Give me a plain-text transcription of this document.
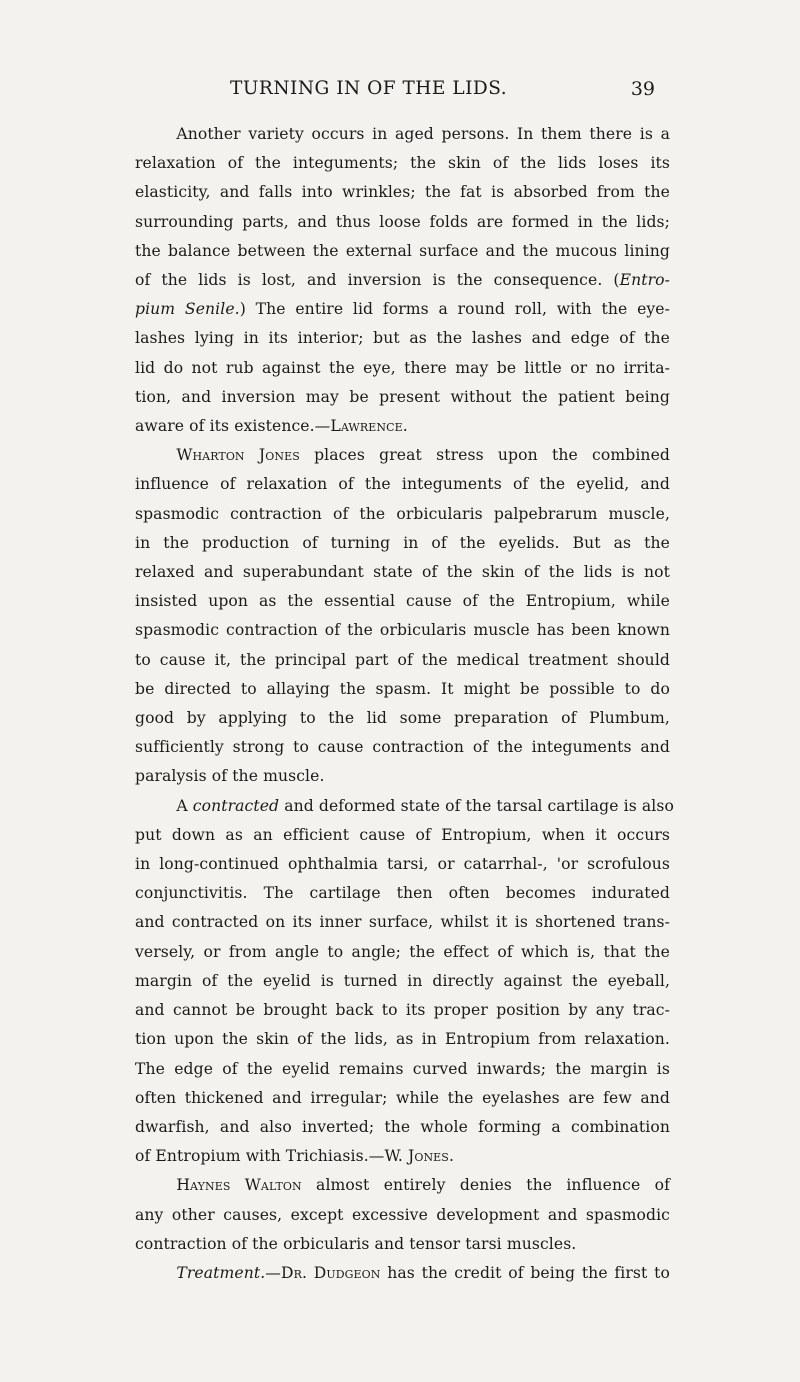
TURNING IN OF THE LIDS.	39
Another variety occurs in aged persons. In them there is a
relaxation of the integuments; the skin of the lids loses its
elasticity, and falls into wrinkles; the fat is absorbed from the
surrounding parts, and thus loose folds are formed in the lids;
the balance between the external surface and the mucous lining
of the lids is lost, and inversion is the consequence. (Entro-
pium Senile.) The entire lid forms a round roll, with the eye-
lashes lying in its interior; but as the lashes and edge of the
lid do not rub against the eye, there may be little or no irrita-
tion, and inversion may be present without the patient being
aware of its existence.—Lawrence.
Wharton Jones places great stress upon the combined
influence of relaxation of the integuments of the eyelid, and
spasmodic contraction of the orbicularis palpebrarum muscle,
in the production of turning in of the eyelids. But as the
relaxed and superabundant state of the skin of the lids is not
insisted upon as the essential cause of the Entropium, while
spasmodic contraction of the orbicularis muscle has been known
to cause it, the principal part of the medical treatment should
be directed to allaying the spasm. It might be possible to do
good by applying to the lid some preparation of Plumbum,
sufficiently strong to cause contraction of the integuments and
paralysis of the muscle.
A contracted and deformed state of the tarsal cartilage is also
put down as an efficient cause of Entropium, when it occurs
in long-continued ophthalmia tarsi, or catarrhal-, 'or scrofulous
conjunctivitis. The cartilage then often becomes indurated
and contracted on its inner surface, whilst it is shortened trans-
versely, or from angle to angle; the effect of which is, that the
margin of the eyelid is turned in directly against the eyeball,
and cannot be brought back to its proper position by any trac-
tion upon the skin of the lids, as in Entropium from relaxation.
The edge of the eyelid remains curved inwards; the margin is
often thickened and irregular; while the eyelashes are few and
dwarfish, and also inverted; the whole forming a combination
of Entropium with Trichiasis.—W. Jones.
Haynes Walton almost entirely denies the influence of
any other causes, except excessive development and spasmodic
contraction of the orbicularis and tensor tarsi muscles.
Treatment.—Dr. Dudgeon has the credit of being the first to
